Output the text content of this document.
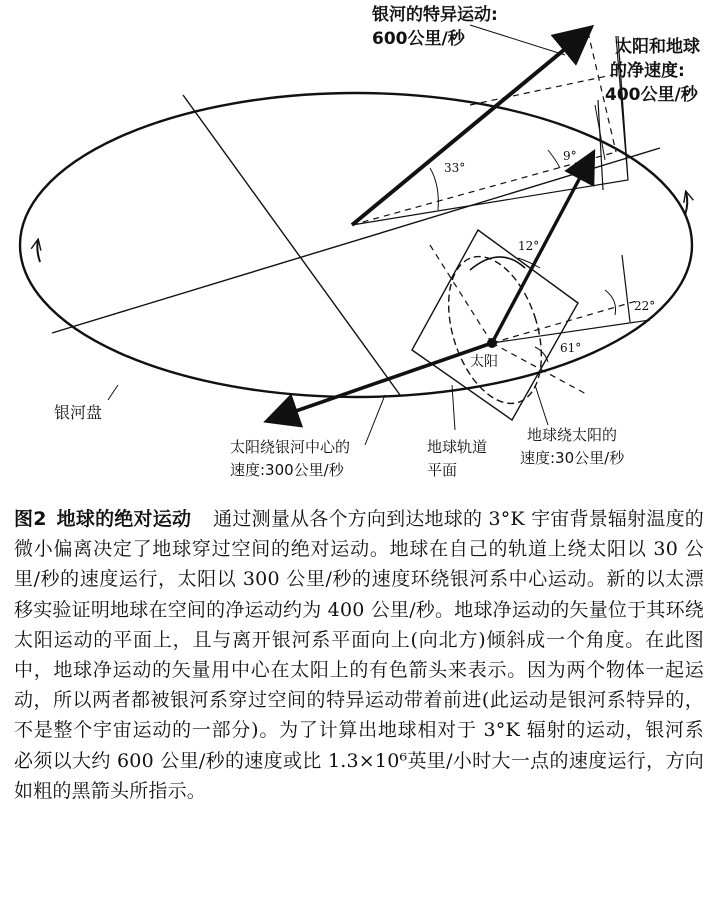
银河的特异运动:
600公里/秒	太阳和地球
的净速度:
400公里/秒
太阳
银河盘
太阳绕银河中心的
速度:300公里/秒
地球轨道
平面
地球绕太阳的
速度:30公里/秒
33°
9°
12°
22°
61°
图2 地球的绝对运动 通过测量从各个方向到达地球的 3°K 宇宙背景辐射温度的微小偏离决定了地球穿过空间的绝对运动。地球在自己的轨道上绕太阳以 30 公里/秒的速度运行，太阳以 300 公里/秒的速度环绕银河系中心运动。新的以太漂移实验证明地球在空间的净运动约为 400 公里/秒。地球净运动的矢量位于其环绕太阳运动的平面上，且与离开银河系平面向上(向北方)倾斜成一个角度。在此图中，地球净运动的矢量用中心在太阳上的有色箭头来表示。因为两个物体一起运动，所以两者都被银河系穿过空间的特异运动带着前进(此运动是银河系特异的，不是整个宇宙运动的一部分)。为了计算出地球相对于 3°K 辐射的运动，银河系必须以大约 600 公里/秒的速度或比 1.3×10⁶英里/小时大一点的速度运行，方向如粗的黑箭头所指示。
